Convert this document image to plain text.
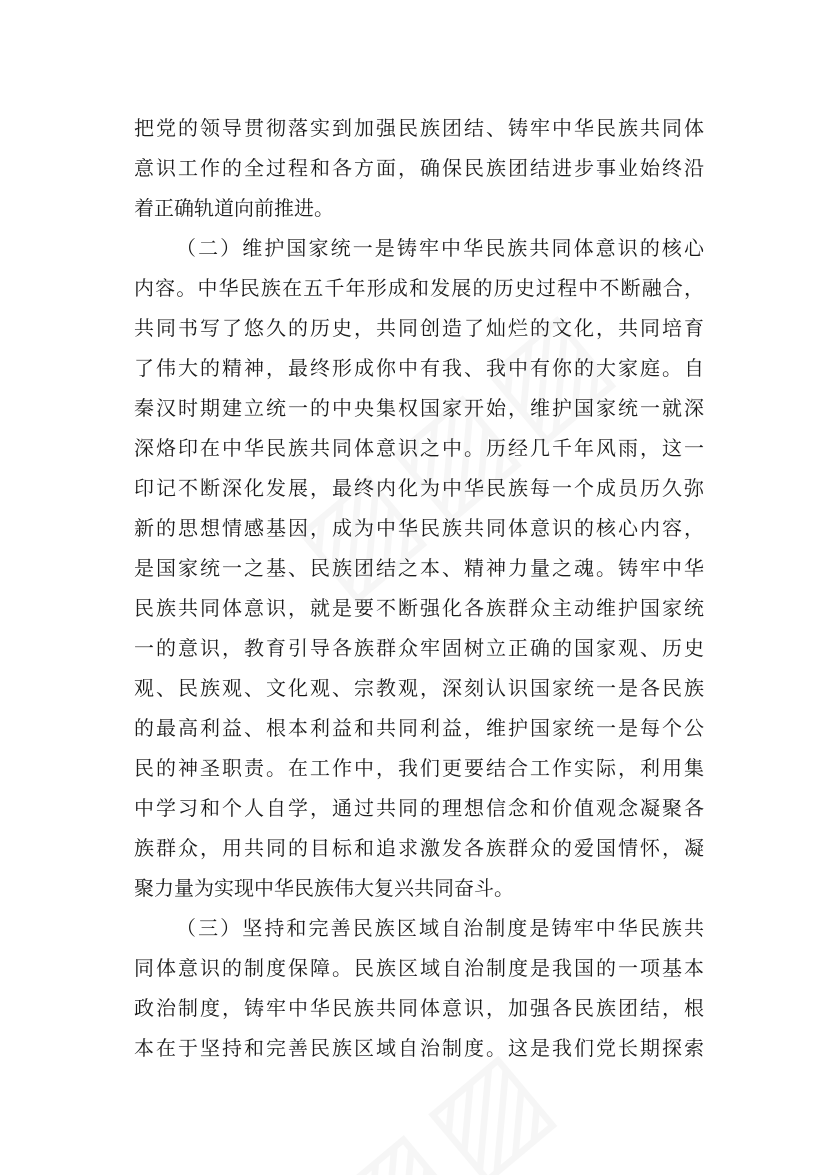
把党的领导贯彻落实到加强民族团结、铸牢中华民族共同体
意识工作的全过程和各方面，确保民族团结进步事业始终沿
着正确轨道向前推进。
（二）维护国家统一是铸牢中华民族共同体意识的核心
内容。中华民族在五千年形成和发展的历史过程中不断融合，
共同书写了悠久的历史，共同创造了灿烂的文化，共同培育
了伟大的精神，最终形成你中有我、我中有你的大家庭。自
秦汉时期建立统一的中央集权国家开始，维护国家统一就深
深烙印在中华民族共同体意识之中。历经几千年风雨，这一
印记不断深化发展，最终内化为中华民族每一个成员历久弥
新的思想情感基因，成为中华民族共同体意识的核心内容，
是国家统一之基、民族团结之本、精神力量之魂。铸牢中华
民族共同体意识，就是要不断强化各族群众主动维护国家统
一的意识，教育引导各族群众牢固树立正确的国家观、历史
观、民族观、文化观、宗教观，深刻认识国家统一是各民族
的最高利益、根本利益和共同利益，维护国家统一是每个公
民的神圣职责。在工作中，我们更要结合工作实际，利用集
中学习和个人自学，通过共同的理想信念和价值观念凝聚各
族群众，用共同的目标和追求激发各族群众的爱国情怀，凝
聚力量为实现中华民族伟大复兴共同奋斗。
（三）坚持和完善民族区域自治制度是铸牢中华民族共
同体意识的制度保障。民族区域自治制度是我国的一项基本
政治制度，铸牢中华民族共同体意识，加强各民族团结，根
本在于坚持和完善民族区域自治制度。这是我们党长期探索
